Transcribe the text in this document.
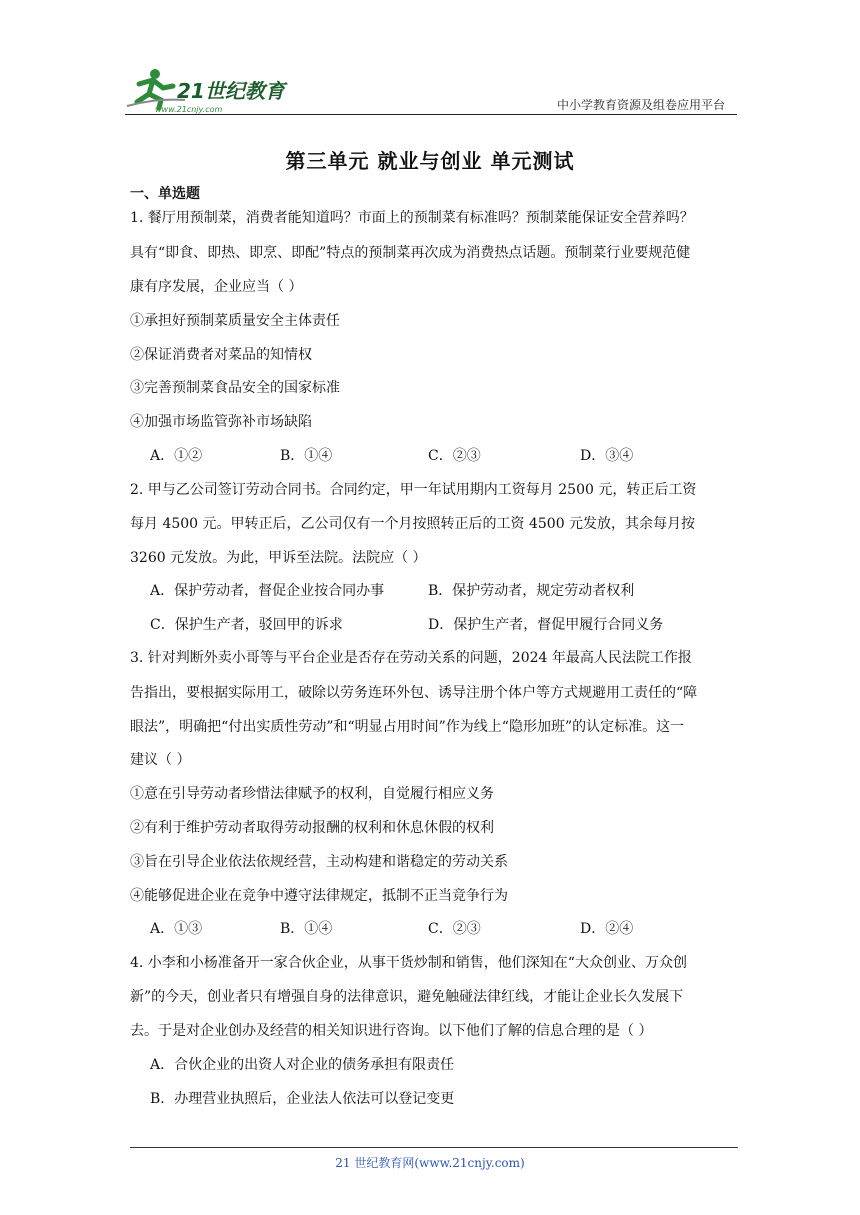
21世纪教育
www.21cnjy.com	中小学教育资源及组卷应用平台
第三单元 就业与创业 单元测试
一、单选题
1. 餐厅用预制菜，消费者能知道吗？市面上的预制菜有标准吗？预制菜能保证安全营养吗？
具有“即食、即热、即烹、即配”特点的预制菜再次成为消费热点话题。预制菜行业要规范健
康有序发展，企业应当（ ）
①承担好预制菜质量安全主体责任
②保证消费者对菜品的知情权
③完善预制菜食品安全的国家标准
④加强市场监管弥补市场缺陷
A．①②	B．①④	C．②③	D．③④
2. 甲与乙公司签订劳动合同书。合同约定，甲一年试用期内工资每月 2500 元，转正后工资
每月 4500 元。甲转正后，乙公司仅有一个月按照转正后的工资 4500 元发放，其余每月按
3260 元发放。为此，甲诉至法院。法院应（ ）
A．保护劳动者，督促企业按合同办事	B．保护劳动者，规定劳动者权利
C．保护生产者，驳回甲的诉求	D．保护生产者，督促甲履行合同义务
3. 针对判断外卖小哥等与平台企业是否存在劳动关系的问题，2024 年最高人民法院工作报
告指出，要根据实际用工，破除以劳务连环外包、诱导注册个体户等方式规避用工责任的“障
眼法”，明确把“付出实质性劳动”和“明显占用时间”作为线上“隐形加班”的认定标准。这一
建议（ ）
①意在引导劳动者珍惜法律赋予的权利，自觉履行相应义务
②有利于维护劳动者取得劳动报酬的权利和休息休假的权利
③旨在引导企业依法依规经营，主动构建和谐稳定的劳动关系
④能够促进企业在竞争中遵守法律规定，抵制不正当竞争行为
A．①③	B．①④	C．②③	D．②④
4. 小李和小杨准备开一家合伙企业，从事干货炒制和销售，他们深知在“大众创业、万众创
新”的今天，创业者只有增强自身的法律意识，避免触碰法律红线，才能让企业长久发展下
去。于是对企业创办及经营的相关知识进行咨询。以下他们了解的信息合理的是（ ）
A．合伙企业的出资人对企业的债务承担有限责任
B．办理营业执照后，企业法人依法可以登记变更
21 世纪教育网(www.21cnjy.com)
